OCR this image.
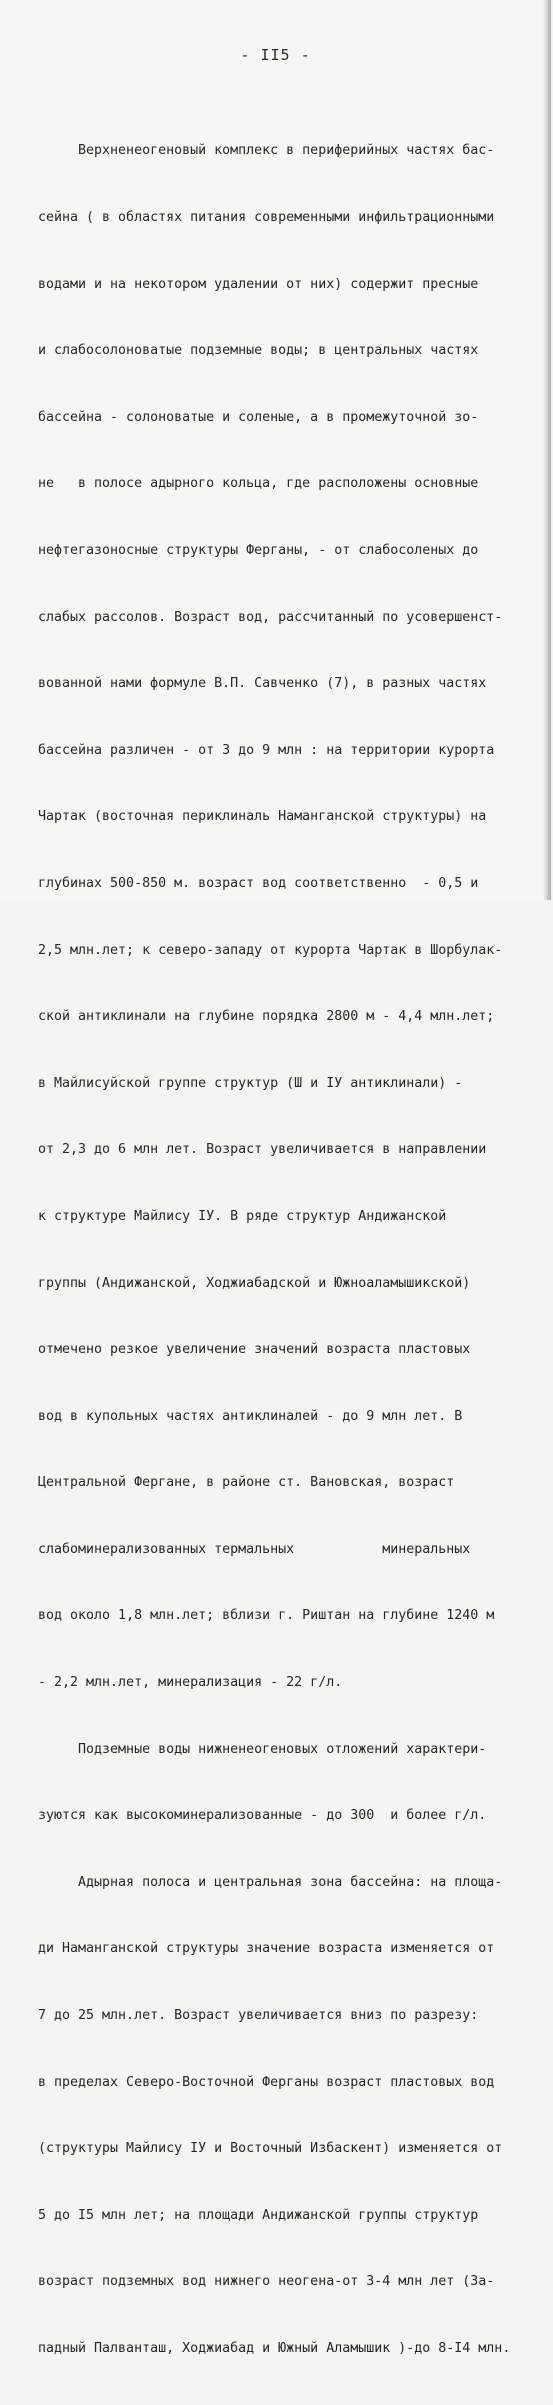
- II5 -

Верхненеогеновый комплекс в периферийных частях бас-

сейна ( в областях питания современными инфильтрационными

водами и на некотором удалении от них) содержит пресные

и слабосолоноватые подземные воды; в центральных частях

бассейна - солоноватые и соленые, а в промежуточной зо-

не   в полосе адырного кольца, где расположены основные

нефтегазоносные структуры Ферганы, - от слабосоленых до

слабых рассолов. Возраст вод, рассчитанный по усовершенст-

вованной нами формуле В.П. Савченко (7), в разных частях

бассейна различен - от 3 до 9 млн : на территории курорта

Чартак (восточная периклиналь Наманганской структуры) на

глубинах 500-850 м. возраст вод соответственно  - 0,5 и

2,5 млн.лет; к северо-западу от курорта Чартак в Шорбулак-

ской антиклинали на глубине порядка 2800 м - 4,4 млн.лет;

в Майлисуйской группе структур (Ш и IУ антиклинали) -

от 2,3 до 6 млн лет. Возраст увеличивается в направлении

к структуре Майлису IУ. В ряде структур Андижанской

группы (Андижанской, Ходжиабадской и Южноаламышикской)

отмечено резкое увеличение значений возраста пластовых

вод в купольных частях антиклиналей - до 9 млн лет. В

Центральной Фергане, в районе ст. Вановская, возраст

слабоминерализованных термальных           минеральных

вод около 1,8 млн.лет; вблизи г. Риштан на глубине 1240 м

- 2,2 млн.лет, минерализация - 22 г/л.

Подземные воды нижненеогеновых отложений характери-

зуются как высокоминерализованные - до 300  и более г/л.

Адырная полоса и центральная зона бассейна: на площа-

ди Наманганской структуры значение возраста изменяется от

7 до 25 млн.лет. Возраст увеличивается вниз по разрезу:

в пределах Северо-Восточной Ферганы возраст пластовых вод

(структуры Майлису IУ и Восточный Избаскент) изменяется от

5 до I5 млн лет; на площади Андижанской группы структур

возраст подземных вод нижнего неогена-от 3-4 млн лет (За-

падный Палванташ, Ходжиабад и Южный Аламышик )-до 8-I4 млн.
